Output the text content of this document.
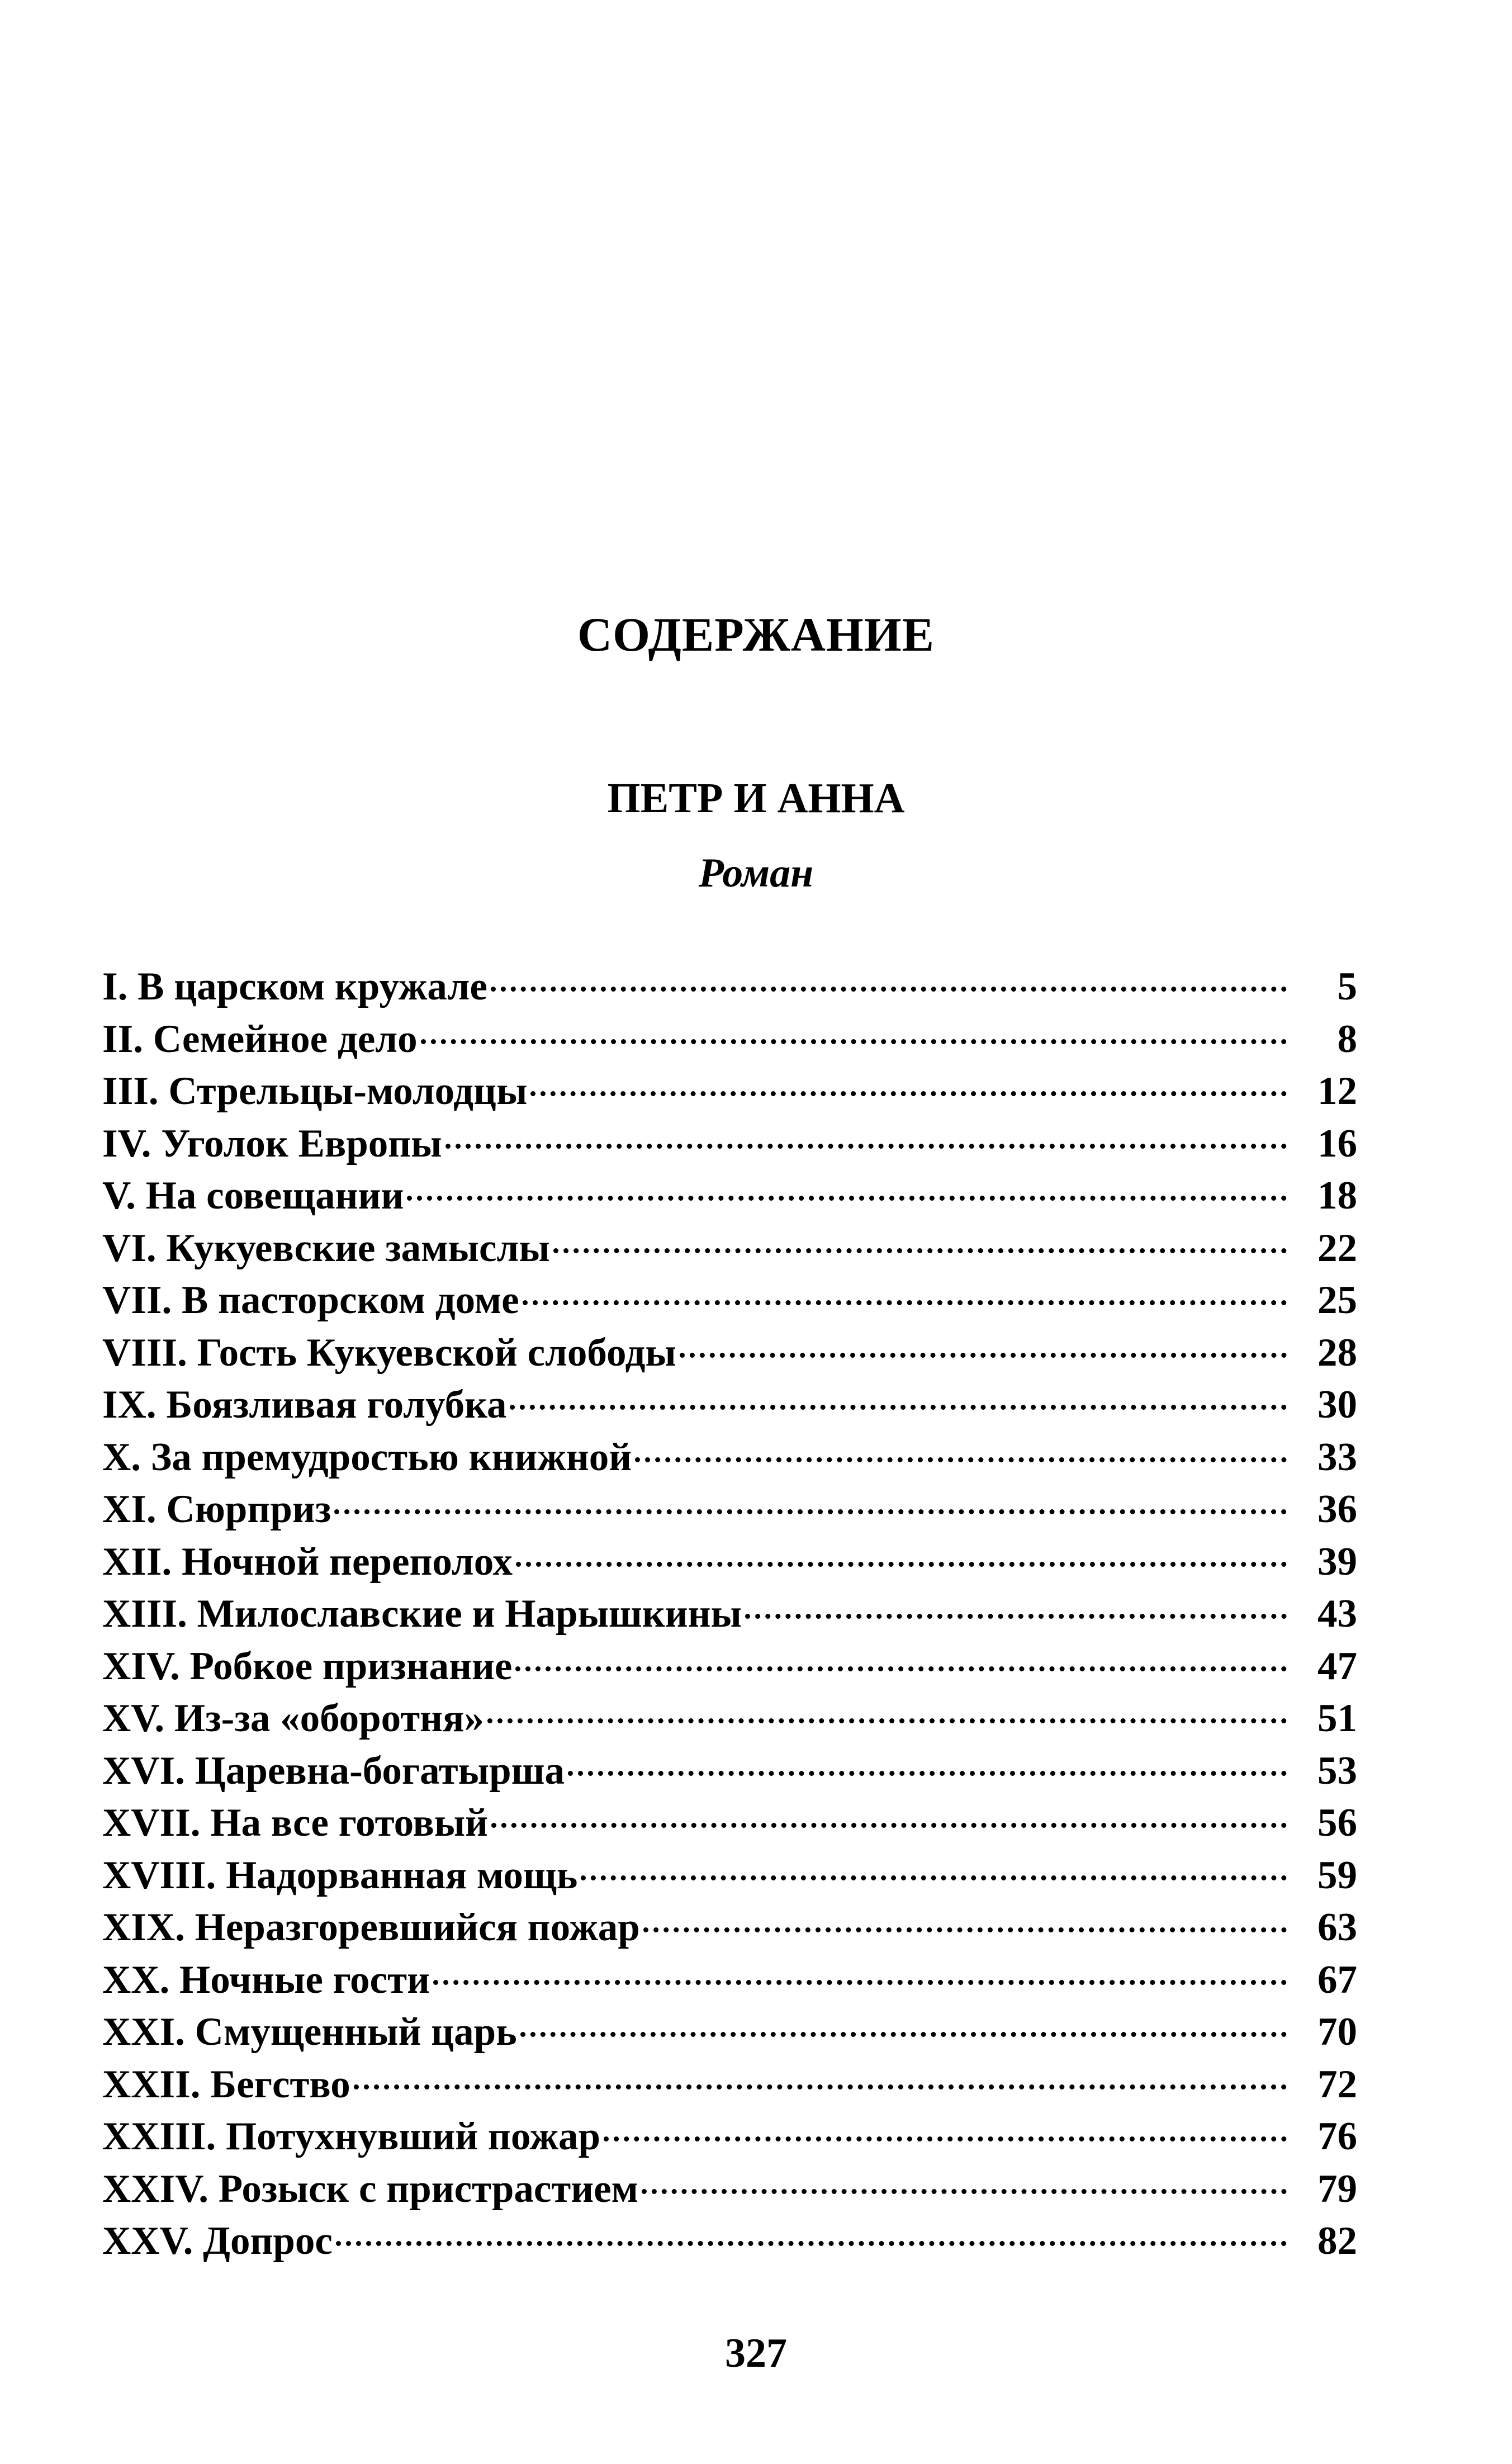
СОДЕРЖАНИЕ
ПЕТР И АННА
Роман
I. В царском кружале	5
II. Семейное дело	8
III. Стрельцы-молодцы	12
IV. Уголок Европы	16
V. На совещании	18
VI. Кукуевские замыслы	22
VII. В пасторском доме	25
VIII. Гость Кукуевской слободы	28
IX. Боязливая голубка	30
X. За премудростью книжной	33
XI. Сюрприз	36
XII. Ночной переполох	39
XIII. Милославские и Нарышкины	43
XIV. Робкое признание	47
XV. Из-за «оборотня»	51
XVI. Царевна-богатырша	53
XVII. На все готовый	56
XVIII. Надорванная мощь	59
XIX. Неразгоревшийся пожар	63
XX. Ночные гости	67
XXI. Смущенный царь	70
XXII. Бегство	72
XXIII. Потухнувший пожар	76
XXIV. Розыск с пристрастием	79
XXV. Допрос	82
327
